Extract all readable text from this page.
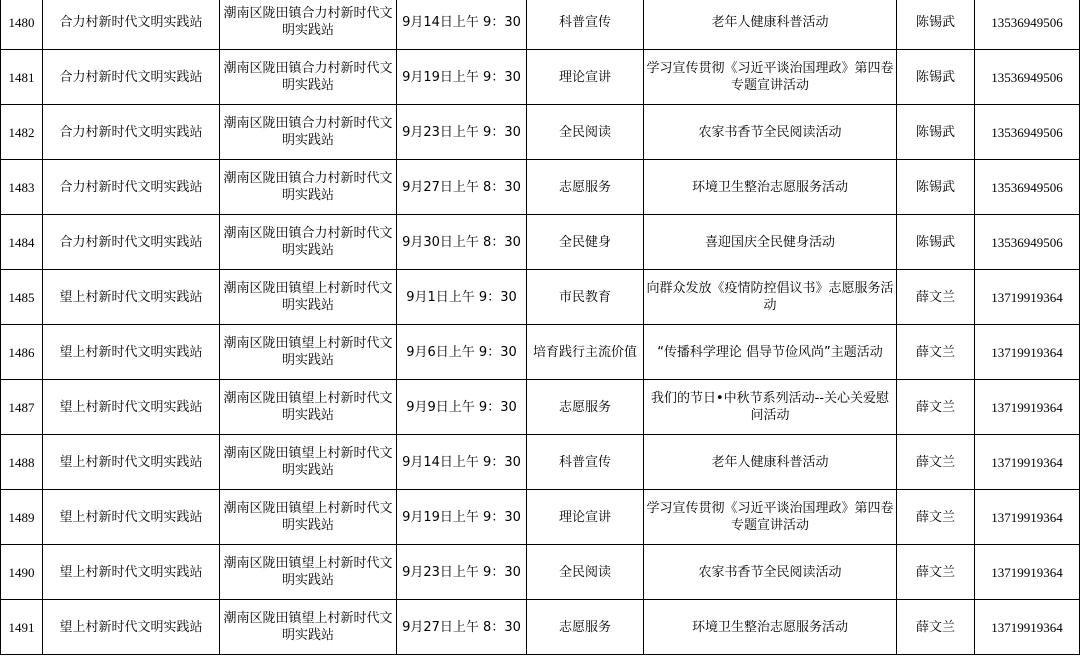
1480	合力村新时代文明实践站	潮南区陇田镇合力村新时代文明实践站	9月14日上午 9：30	科普宣传	老年人健康科普活动	陈锡武	13536949506
1481	合力村新时代文明实践站	潮南区陇田镇合力村新时代文明实践站	9月19日上午 9：30	理论宣讲	学习宣传贯彻《习近平谈治国理政》第四卷专题宣讲活动	陈锡武	13536949506
1482	合力村新时代文明实践站	潮南区陇田镇合力村新时代文明实践站	9月23日上午 9：30	全民阅读	农家书香节全民阅读活动	陈锡武	13536949506
1483	合力村新时代文明实践站	潮南区陇田镇合力村新时代文明实践站	9月27日上午 8：30	志愿服务	环境卫生整治志愿服务活动	陈锡武	13536949506
1484	合力村新时代文明实践站	潮南区陇田镇合力村新时代文明实践站	9月30日上午 8：30	全民健身	喜迎国庆全民健身活动	陈锡武	13536949506
1485	望上村新时代文明实践站	潮南区陇田镇望上村新时代文明实践站	9月1日上午 9：30	市民教育	向群众发放《疫情防控倡议书》志愿服务活动	薛文兰	13719919364
1486	望上村新时代文明实践站	潮南区陇田镇望上村新时代文明实践站	9月6日上午 9：30	培育践行主流价值	“传播科学理论 倡导节俭风尚”主题活动	薛文兰	13719919364
1487	望上村新时代文明实践站	潮南区陇田镇望上村新时代文明实践站	9月9日上午 9：30	志愿服务	我们的节日•中秋节系列活动--关心关爱慰问活动	薛文兰	13719919364
1488	望上村新时代文明实践站	潮南区陇田镇望上村新时代文明实践站	9月14日上午 9：30	科普宣传	老年人健康科普活动	薛文兰	13719919364
1489	望上村新时代文明实践站	潮南区陇田镇望上村新时代文明实践站	9月19日上午 9：30	理论宣讲	学习宣传贯彻《习近平谈治国理政》第四卷专题宣讲活动	薛文兰	13719919364
1490	望上村新时代文明实践站	潮南区陇田镇望上村新时代文明实践站	9月23日上午 9：30	全民阅读	农家书香节全民阅读活动	薛文兰	13719919364
1491	望上村新时代文明实践站	潮南区陇田镇望上村新时代文明实践站	9月27日上午 8：30	志愿服务	环境卫生整治志愿服务活动	薛文兰	13719919364
